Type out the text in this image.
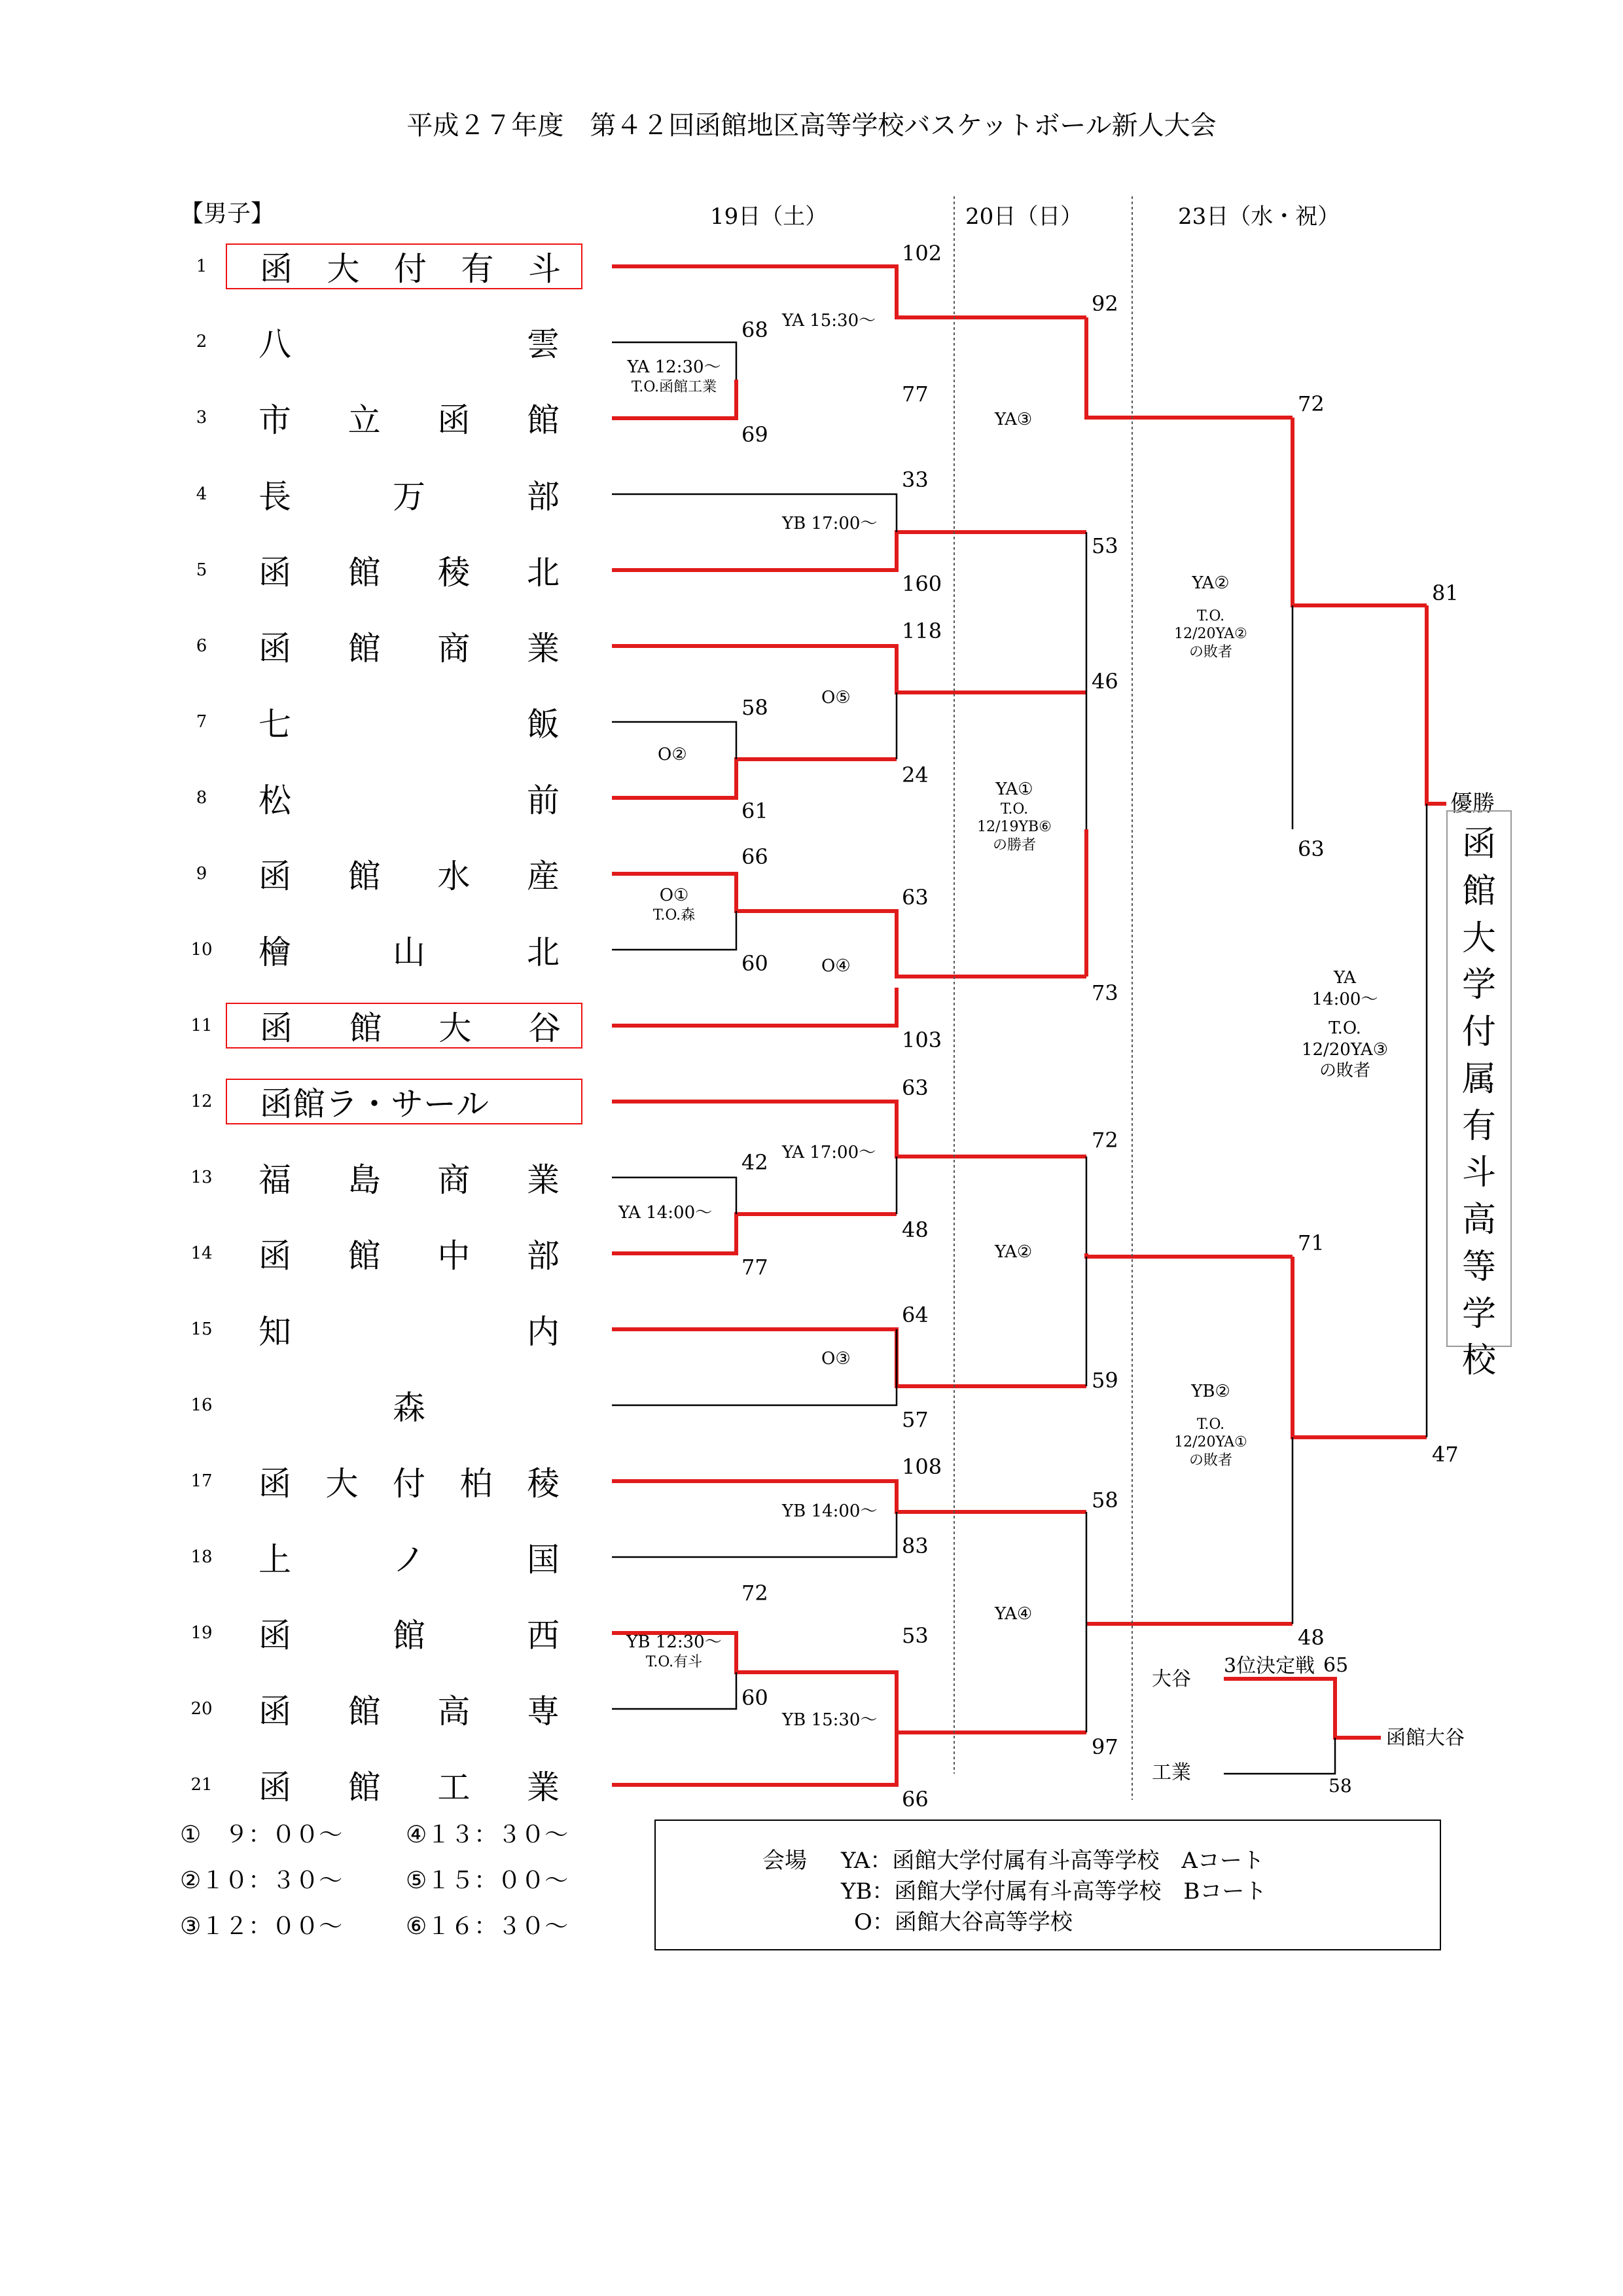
平成２７年度　第４２回函館地区高等学校バスケットボール新人大会
【男子】	19日（土）	20日（日）	23日（水・祝）
1	函 大 付 有 斗
2	八	雲
3	市 立 函 館
4	長	万	部
5	函 館 稜 北
6	函 館 商 業
7	七	飯
8	松	前
9	函 館 水 産
10 檜	山	北
11 函 館 大 谷
12 函 館 ラ ・ サ ー ル
13 福 島 商 業
14 函 館 中 部
15 知	内
16	森
17 函 大 付 柏 稜
18 上	ノ	国
19 函	館	西
20 函 館 高 専
21 函 館 工 業
102
77
68
69
33
160
118
24
58
61
66
60
63
103
63
48
42
77
64
57
108
83
72
53
60
66
92
53
46
73
72
59
58
97
72
63
71
48
81
47
YA 15:30～
YA 12:30～
T.O.函館工業
YB 17:00～
O⑤
O②
O①
T.O.森
O④
YA 17:00～
YA 14:00～
O③
YB 14:00～
YB 12:30～
T.O.有斗
YB 15:30～
YA③
YA①
T.O.
12/19YB⑥
の勝者
YA②
YA④
YA②
T.O.
12/20YA②
の敗者
YB②
T.O.
12/20YA①
の敗者
YA
14:00～
T.O.
12/20YA③
の敗者
3位決定戦 65
大谷
工業
58
函館大谷
優勝
函
館
大
学
付
属
有
斗
高
等
学
校
①　９：００～	④１３：３０～
②１０：３０～	⑤１５：００～
③１２：００～	⑥１６：３０～
会場 YA：函館大学付属有斗高等学校　Aコート
YB：函館大学付属有斗高等学校　Bコート
O：函館大谷高等学校
